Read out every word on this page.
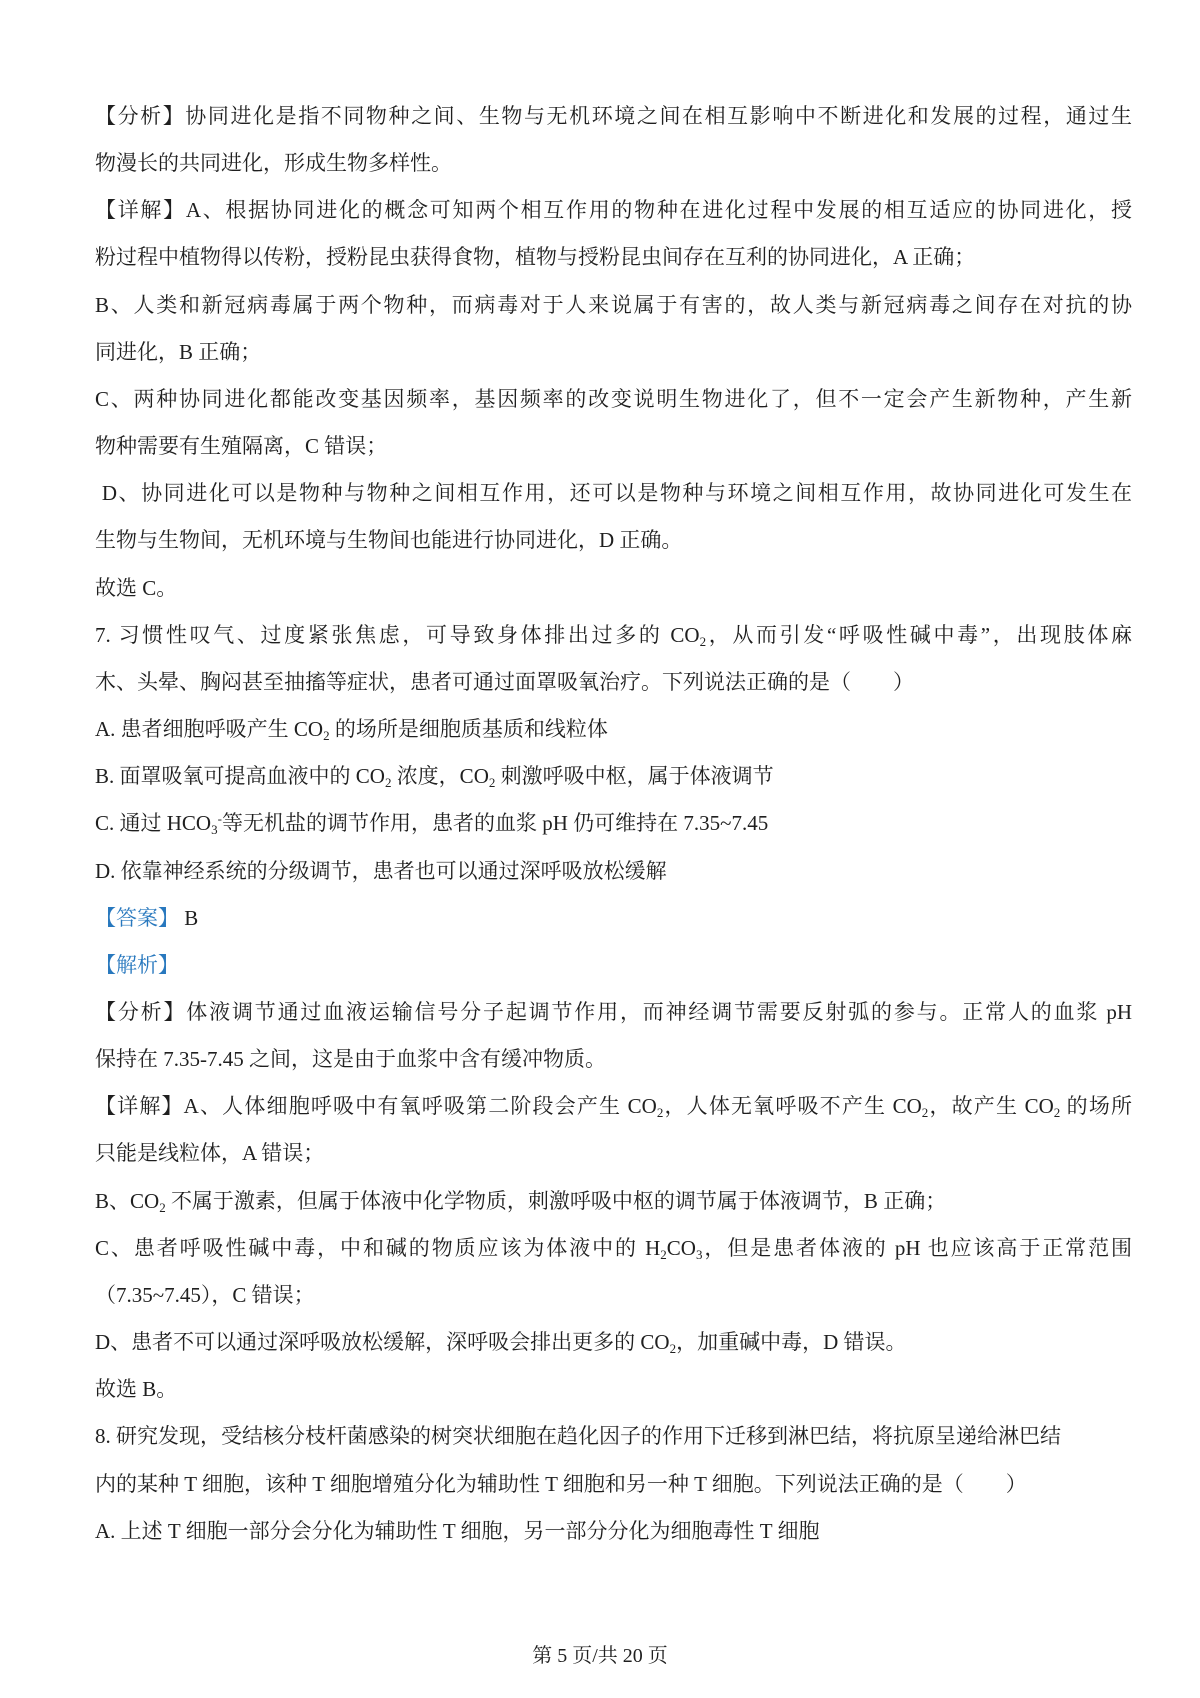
【分析】协同进化是指不同物种之间、生物与无机环境之间在相互影响中不断进化和发展的过程，通过生
物漫长的共同进化，形成生物多样性。
【详解】A、根据协同进化的概念可知两个相互作用的物种在进化过程中发展的相互适应的协同进化，授
粉过程中植物得以传粉，授粉昆虫获得食物，植物与授粉昆虫间存在互利的协同进化，A 正确；
B、人类和新冠病毒属于两个物种，而病毒对于人来说属于有害的，故人类与新冠病毒之间存在对抗的协
同进化，B 正确；
C、两种协同进化都能改变基因频率，基因频率的改变说明生物进化了，但不一定会产生新物种，产生新
物种需要有生殖隔离，C 错误；
D、协同进化可以是物种与物种之间相互作用，还可以是物种与环境之间相互作用，故协同进化可发生在
生物与生物间，无机环境与生物间也能进行协同进化，D 正确。
故选 C。
7. 习惯性叹气、过度紧张焦虑，可导致身体排出过多的 $CO_2$，从而引发“呼吸性碱中毒”，出现肢体麻
木、头晕、胸闷甚至抽搐等症状，患者可通过面罩吸氧治疗。下列说法正确的是（　　）
A. 患者细胞呼吸产生 $CO_2$ 的场所是细胞质基质和线粒体
B. 面罩吸氧可提高血液中的 $CO_2$ 浓度，$CO_2$ 刺激呼吸中枢，属于体液调节
C. 通过 $HCO_3^-$等无机盐的调节作用，患者的血浆 pH 仍可维持在 7.35~7.45
D. 依靠神经系统的分级调节，患者也可以通过深呼吸放松缓解
【答案】 B
【解析】
【分析】体液调节通过血液运输信号分子起调节作用，而神经调节需要反射弧的参与。正常人的血浆 pH
保持在 7.35-7.45 之间，这是由于血浆中含有缓冲物质。
【详解】A、人体细胞呼吸中有氧呼吸第二阶段会产生 $CO_2$，人体无氧呼吸不产生 $CO_2$，故产生 $CO_2$ 的场所
只能是线粒体，A 错误；
B、$CO_2$ 不属于激素，但属于体液中化学物质，刺激呼吸中枢的调节属于体液调节，B 正确；
C、患者呼吸性碱中毒，中和碱的物质应该为体液中的 $H_2CO_3$，但是患者体液的 pH 也应该高于正常范围
（7.35~7.45），C 错误；
D、患者不可以通过深呼吸放松缓解，深呼吸会排出更多的 $CO_2$，加重碱中毒，D 错误。
故选 B。
8. 研究发现，受结核分枝杆菌感染的树突状细胞在趋化因子的作用下迁移到淋巴结，将抗原呈递给淋巴结
内的某种 T 细胞，该种 T 细胞增殖分化为辅助性 T 细胞和另一种 T 细胞。下列说法正确的是（　　）
A. 上述 T 细胞一部分会分化为辅助性 T 细胞，另一部分分化为细胞毒性 T 细胞
第 5 页/共 20 页
